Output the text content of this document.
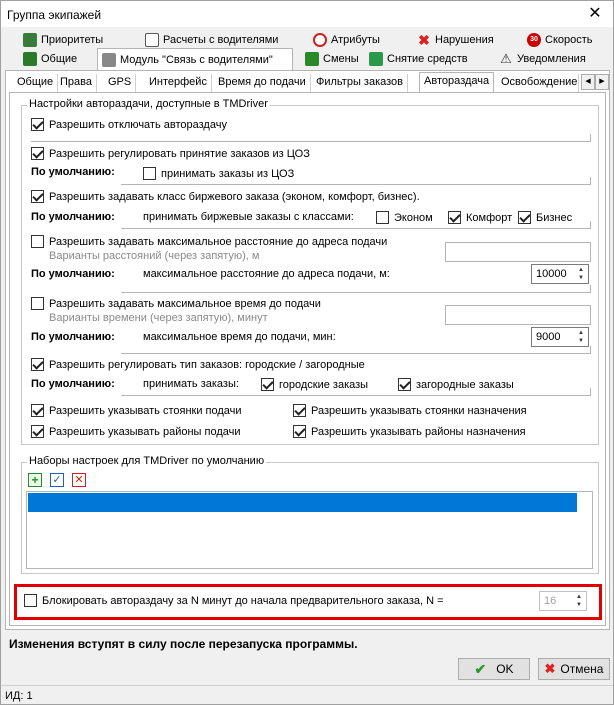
Группа экипажей	✕
Приоритеты	Расчеты с водителями	Атрибуты	✖ Нарушения	30 Скорость
Общие	Модуль "Связь с водителями"	Смены	Снятие средств	⚠ Уведомления
Общие Права	GPS	Интерфейс	Время до подачи Фильтры заказов	Авторaздача	Освобождение	◀	▶
Настройки автораздачи, доступные в TMDriver
Разрешить отключать автораздачу
Разрешить регулировать принятие заказов из ЦОЗ
По умолчанию:	принимать заказы из ЦОЗ
Разрешить задавать класс биржевого заказа (эконом, комфорт, бизнес).
По умолчанию:	принимать биржевые заказы с классами:	Эконом	Комфорт Бизнес
Разрешить задавать максимальное расстояние до адреса подачи
Варианты расстояний (через запятую), м
По умолчанию:	максимальное расстояние до адреса подачи, м:	10000	▲
▼
Разрешить задавать максимальное время до подачи
Варианты времени (через запятую), минут
По умолчанию:	максимальное время до подачи, мин:	9000	▲
▼
Разрешить регулировать тип заказов: городские / загородные
По умолчанию:	принимать заказы:	городские заказы	загородные заказы
Разрешить указывать стоянки подачи	Разрешить указывать стоянки назначения
Разрешить указывать районы подачи	Разрешить указывать районы назначения
Наборы настроек для TMDriver по умолчанию
+	✓ ✕
Блокировать автораздачу за N минут до начала предварительного заказа, N =	16	▲
▼
Изменения вступят в силу после перезапуска программы.
✔ OK ✖ Отмена
ИД: 1
